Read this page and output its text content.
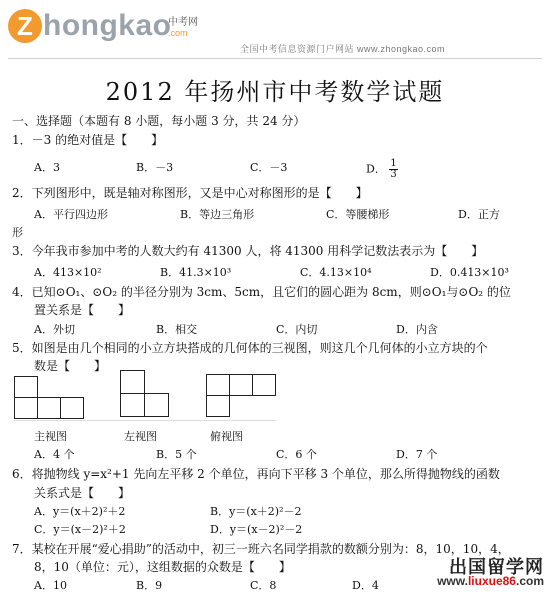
Z hongkao
中考网
.com
全国中考信息资源门户网站 www.zhongkao.com
2012 年扬州市中考数学试题
一、选择题（本题有 8 小题，每小题 3 分，共 24 分）
1．－3 的绝对值是【　　】
A．3	B．－3	C．－3	D． $\frac{1}{3}$
2．下列图形中，既是轴对称图形，又是中心对称图形的是【　　】
A．平行四边形	B．等边三角形	C．等腰梯形	D．正方
形
3．今年我市参加中考的人数大约有 41300 人，将 41300 用科学记数法表示为【　　】
A．413×10²	B．41.3×10³	C．4.13×10⁴	D．0.413×10³
4．已知⊙O₁、⊙O₂ 的半径分别为 3cm、5cm，且它们的圆心距为 8cm，则⊙O₁与⊙O₂ 的位
置关系是【　　】
A．外切	B．相交	C．内切	D．内含
5．如图是由几个相同的小立方块搭成的几何体的三视图，则这几个几何体的小立方块的个
数是【　　】
主视图	左视图	俯视图
A．4 个	B．5 个	C．6 个	D．7 个
6．将抛物线 y=x²+1 先向左平移 2 个单位，再向下平移 3 个单位，那么所得抛物线的函数
关系式是【　　】
A．y＝(x＋2)²＋2	B．y＝(x＋2)²－2
C．y＝(x－2)²＋2	D．y＝(x－2)²－2
7．某校在开展“爱心捐助”的活动中，初三一班六名同学捐款的数额分别为：8，10，10，4，
8，10（单位：元），这组数据的众数是【　　】
A．10	B．9	C．8	D．4
出国留学网
www.liuxue86.com
